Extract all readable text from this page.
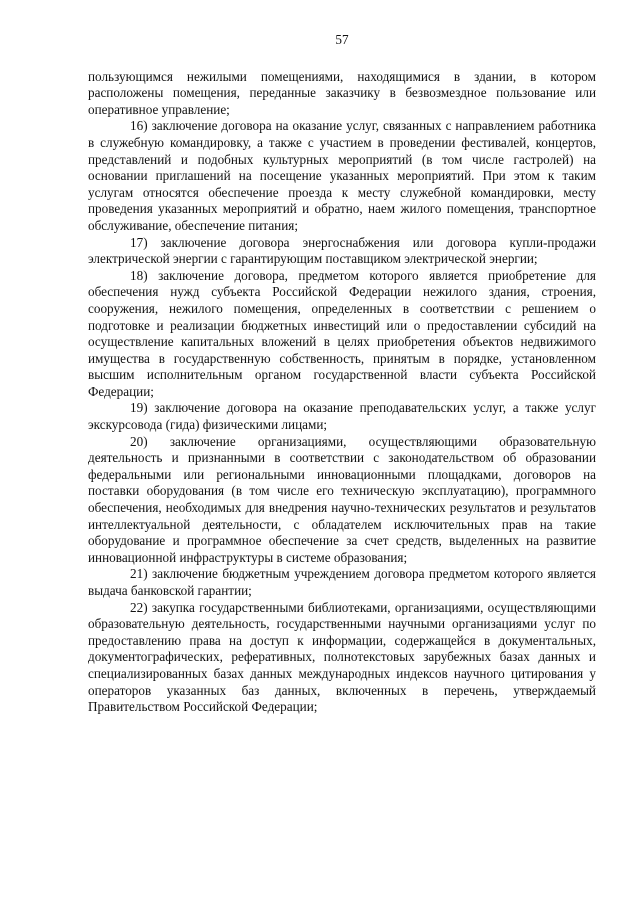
57

пользующимся нежилыми помещениями, находящимися в здании, в котором расположены помещения, переданные заказчику в безвозмездное пользование или оперативное управление;

16) заключение договора на оказание услуг, связанных с направлением работника в служебную командировку, а также с участием в проведении фестивалей, концертов, представлений и подобных культурных мероприятий (в том числе гастролей) на основании приглашений на посещение указанных мероприятий. При этом к таким услугам относятся обеспечение проезда к месту служебной командировки, месту проведения указанных мероприятий и обратно, наем жилого помещения, транспортное обслуживание, обеспечение питания;

17) заключение договора энергоснабжения или договора купли-продажи электрической энергии с гарантирующим поставщиком электрической энергии;

18) заключение договора, предметом которого является приобретение для обеспечения нужд субъекта Российской Федерации нежилого здания, строения, сооружения, нежилого помещения, определенных в соответствии с решением о подготовке и реализации бюджетных инвестиций или о предоставлении субсидий на осуществление капитальных вложений в целях приобретения объектов недвижимого имущества в государственную собственность, принятым в порядке, установленном высшим исполнительным органом государственной власти субъекта Российской Федерации;

19) заключение договора на оказание преподавательских услуг, а также услуг экскурсовода (гида) физическими лицами;

20) заключение организациями, осуществляющими образовательную деятельность и признанными в соответствии с законодательством об образовании федеральными или региональными инновационными площадками, договоров на поставки оборудования (в том числе его техническую эксплуатацию), программного обеспечения, необходимых для внедрения научно-технических результатов и результатов интеллектуальной деятельности, с обладателем исключительных прав на такие оборудование и программное обеспечение за счет средств, выделенных на развитие инновационной инфраструктуры в системе образования;

21) заключение бюджетным учреждением договора предметом которого является выдача банковской гарантии;

22) закупка государственными библиотеками, организациями, осуществляющими образовательную деятельность, государственными научными организациями услуг по предоставлению права на доступ к информации, содержащейся в документальных, документографических, реферативных, полнотекстовых зарубежных базах данных и специализированных базах данных международных индексов научного цитирования у операторов указанных баз данных, включенных в перечень, утверждаемый Правительством Российской Федерации;
